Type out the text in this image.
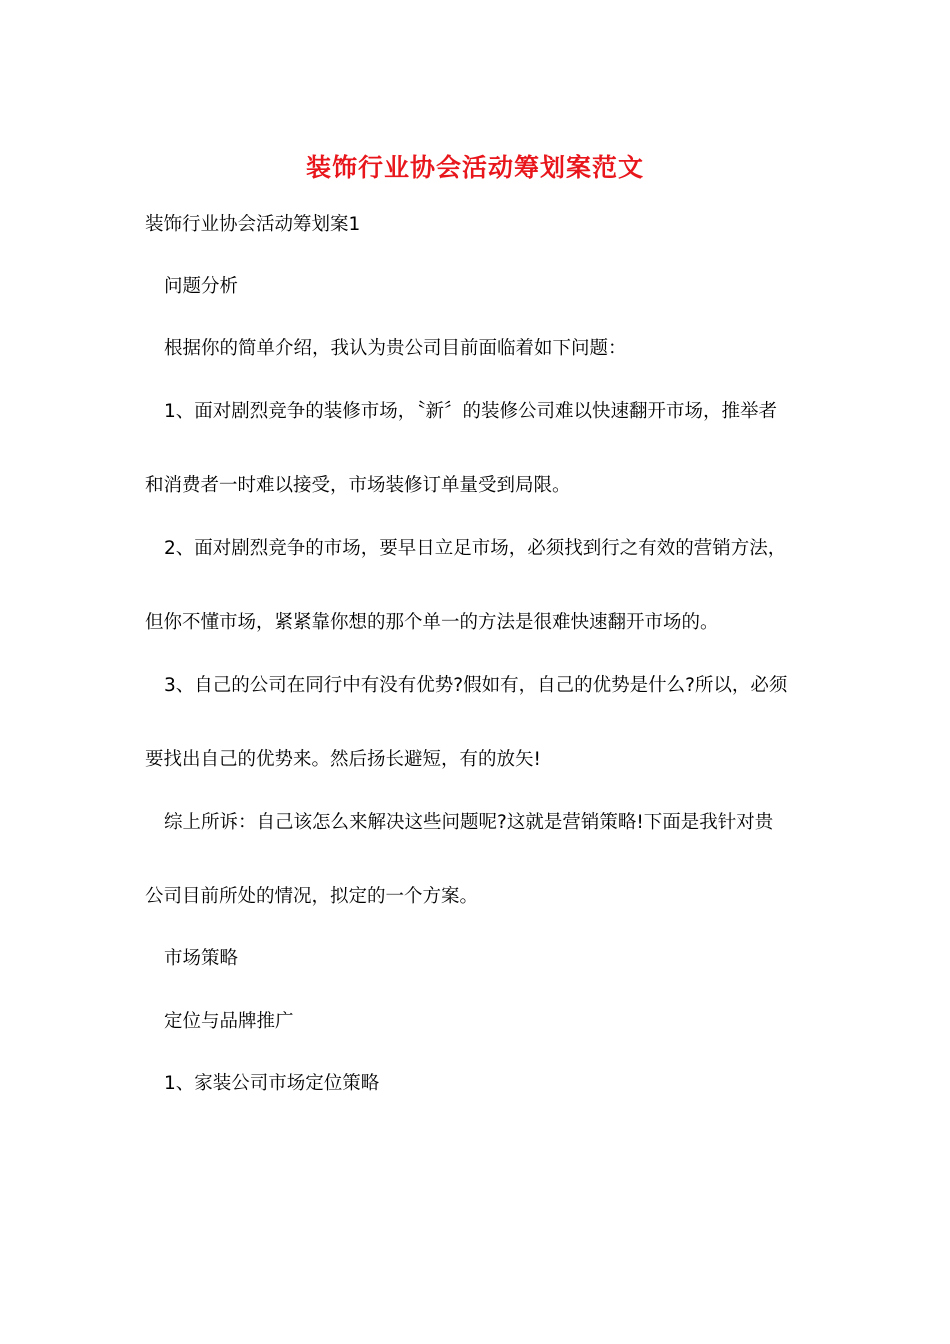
装饰行业协会活动筹划案范文

装饰行业协会活动筹划案1

问题分析

根据你的简单介绍，我认为贵公司目前面临着如下问题：

1、面对剧烈竞争的装修市场，〝新〞的装修公司难以快速翻开市场，推举者

和消费者一时难以接受，市场装修订单量受到局限。

2、面对剧烈竞争的市场，要早日立足市场，必须找到行之有效的营销方法，

但你不懂市场，紧紧靠你想的那个单一的方法是很难快速翻开市场的。

3、自己的公司在同行中有没有优势?假如有，自己的优势是什么?所以，必须

要找出自己的优势来。然后扬长避短，有的放矢!

综上所诉：自己该怎么来解决这些问题呢?这就是营销策略!下面是我针对贵

公司目前所处的情况，拟定的一个方案。

市场策略

定位与品牌推广

1、家装公司市场定位策略
